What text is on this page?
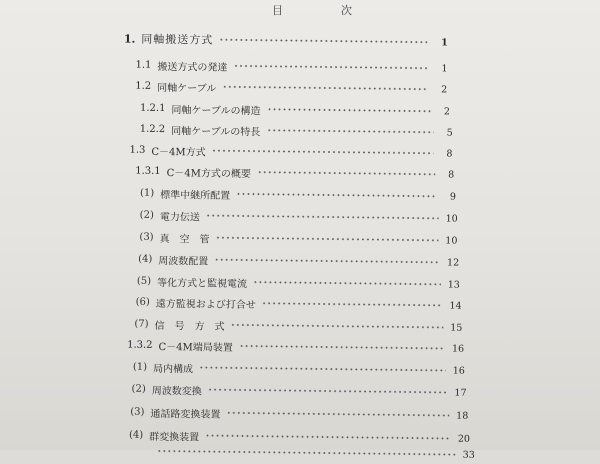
目	次
1. 同軸搬送方式	1
1.1 搬送方式の発達	1
1.2 同軸ケーブル	2
1.2.1 同軸ケーブルの構造	2
1.2.2 同軸ケーブルの特長	5
1.3 C－4M方式	8
1.3.1 C－4M方式の概要	8
(1) 標準中継所配置	9
(2) 電力伝送	10
(3) 真　空　管	10
(4) 周波数配置	12
(5) 等化方式と監視電流	13
(6) 遠方監視および打合せ	14
(7) 信　号　方　式	15
1.3.2 C－4M端局装置	16
(1) 局内構成	16
(2) 周波数変換	17
(3) 通話路変換装置	18
(4) 群変換装置	20
33
